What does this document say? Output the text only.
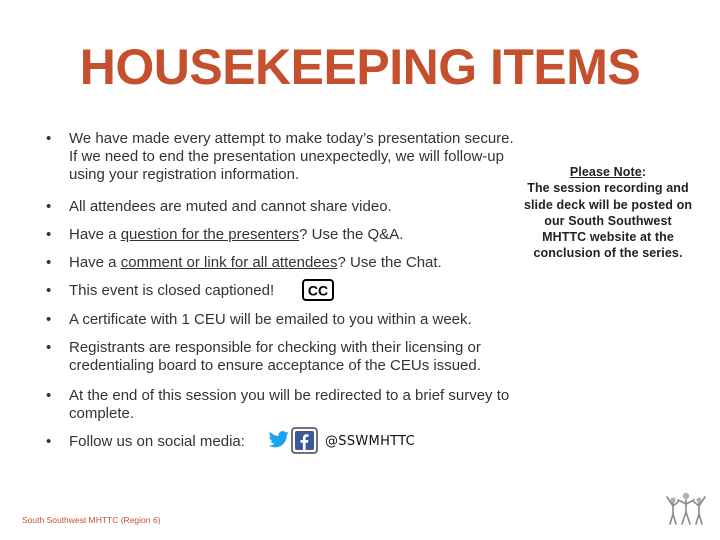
HOUSEKEEPING ITEMS
• We have made every attempt to make today’s presentation secure.
If we need to end the presentation unexpectedly, we will follow-up
using your registration information.
• All attendees are muted and cannot share video.
• Have a question for the presenters? Use the Q&A.
• Have a comment or link for all attendees? Use the Chat.
• This event is closed captioned! CC
• A certificate with 1 CEU will be emailed to you within a week.
• Registrants are responsible for checking with their licensing or
credentialing board to ensure acceptance of the CEUs issued.
• At the end of this session you will be redirected to a brief survey to
complete.
• Follow us on social media:	@SSWMHTTC
Please Note:
The session recording and
slide deck will be posted on
our South Southwest
MHTTC website at the
conclusion of the series.
South Southwest MHTTC (Region 6)
